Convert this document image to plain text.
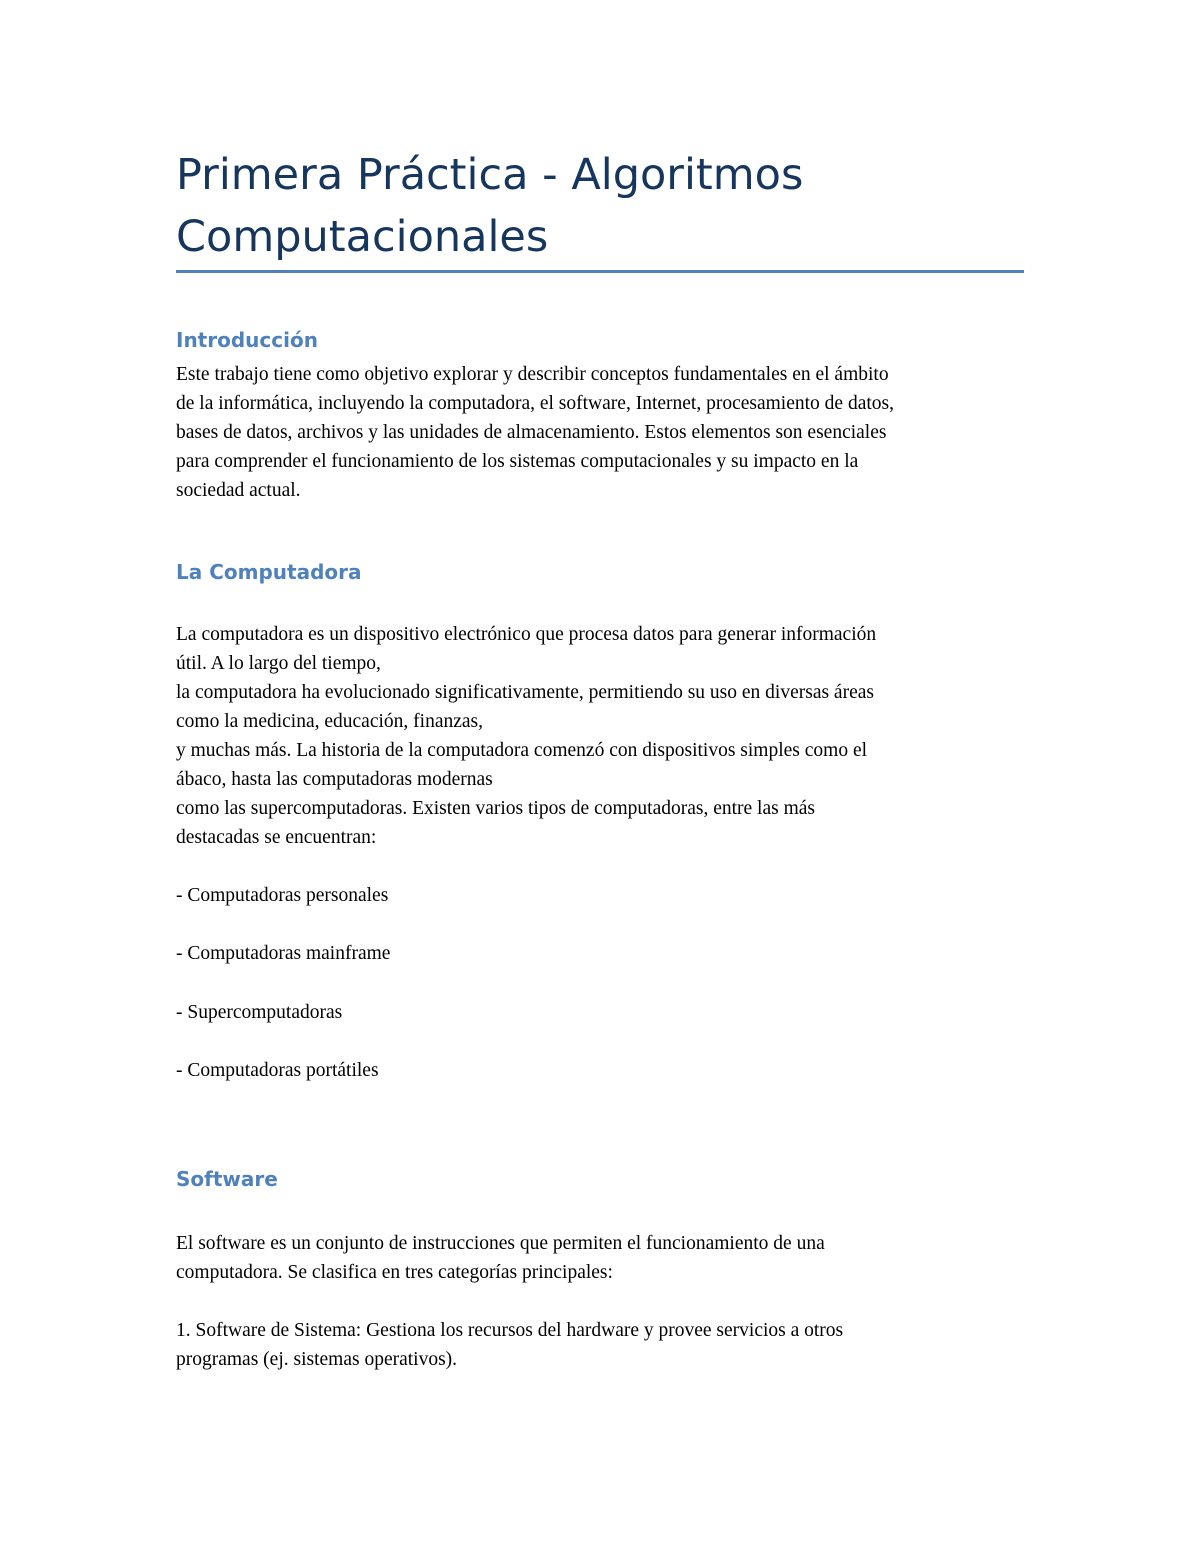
Primera Práctica - Algoritmos Computacionales
Introducción
Este trabajo tiene como objetivo explorar y describir conceptos fundamentales en el ámbito
de la informática, incluyendo la computadora, el software, Internet, procesamiento de datos,
bases de datos, archivos y las unidades de almacenamiento. Estos elementos son esenciales
para comprender el funcionamiento de los sistemas computacionales y su impacto en la
sociedad actual.
La Computadora
La computadora es un dispositivo electrónico que procesa datos para generar información
útil. A lo largo del tiempo,
la computadora ha evolucionado significativamente, permitiendo su uso en diversas áreas
como la medicina, educación, finanzas,
y muchas más. La historia de la computadora comenzó con dispositivos simples como el
ábaco, hasta las computadoras modernas
como las supercomputadoras. Existen varios tipos de computadoras, entre las más
destacadas se encuentran:
- Computadoras personales
- Computadoras mainframe
- Supercomputadoras
- Computadoras portátiles
Software
El software es un conjunto de instrucciones que permiten el funcionamiento de una
computadora. Se clasifica en tres categorías principales:
1. Software de Sistema: Gestiona los recursos del hardware y provee servicios a otros
programas (ej. sistemas operativos).
